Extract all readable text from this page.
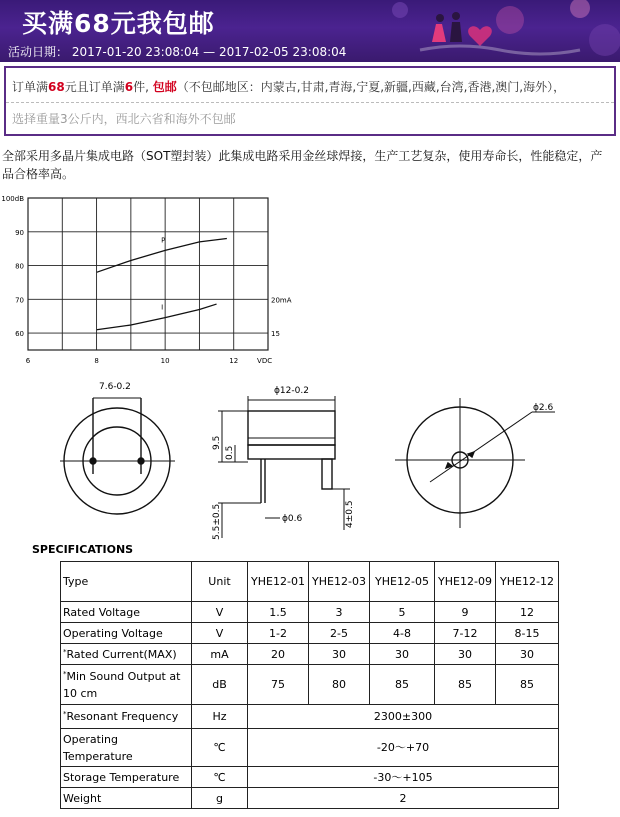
买满68元我包邮
活动日期： 2017-01-20 23:08:04 — 2017-02-05 23:08:04
订单满68元且订单满6件, 包邮（不包邮地区：内蒙古,甘肃,青海,宁夏,新疆,西藏,台湾,香港,澳门,海外），
选择重量3公斤内，西北六省和海外不包邮
全部采用多晶片集成电路（SOT塑封装）此集成电路采用金丝球焊接，生产工艺复杂，使用寿命长，性能稳定，产品合格率高。
6	8	10	12	VDC
100dB
90
80
70
60
20mA
15
P
I
7.6-0.2	ϕ12-0.2
9.5
0.5
ϕ0.6
5.5±0.5	4±0.5
ϕ2.6
SPECIFICATIONS
Type	Unit	YHE12-01	YHE12-03	YHE12-05	YHE12-09	YHE12-12
Rated Voltage	V	1.5	3	5	9	12
Operating Voltage	V	1-2	2-5	4-8	7-12	8-15
*Rated Current(MAX)	mA	20	30	30	30	30
*Min Sound Output at 10 cm	dB	75	80	85	85	85
*Resonant Frequency	Hz	2300±300				
Operating Temperature	℃	-20～+70				
Storage Temperature	℃	-30～+105				
Weight	g	2				
